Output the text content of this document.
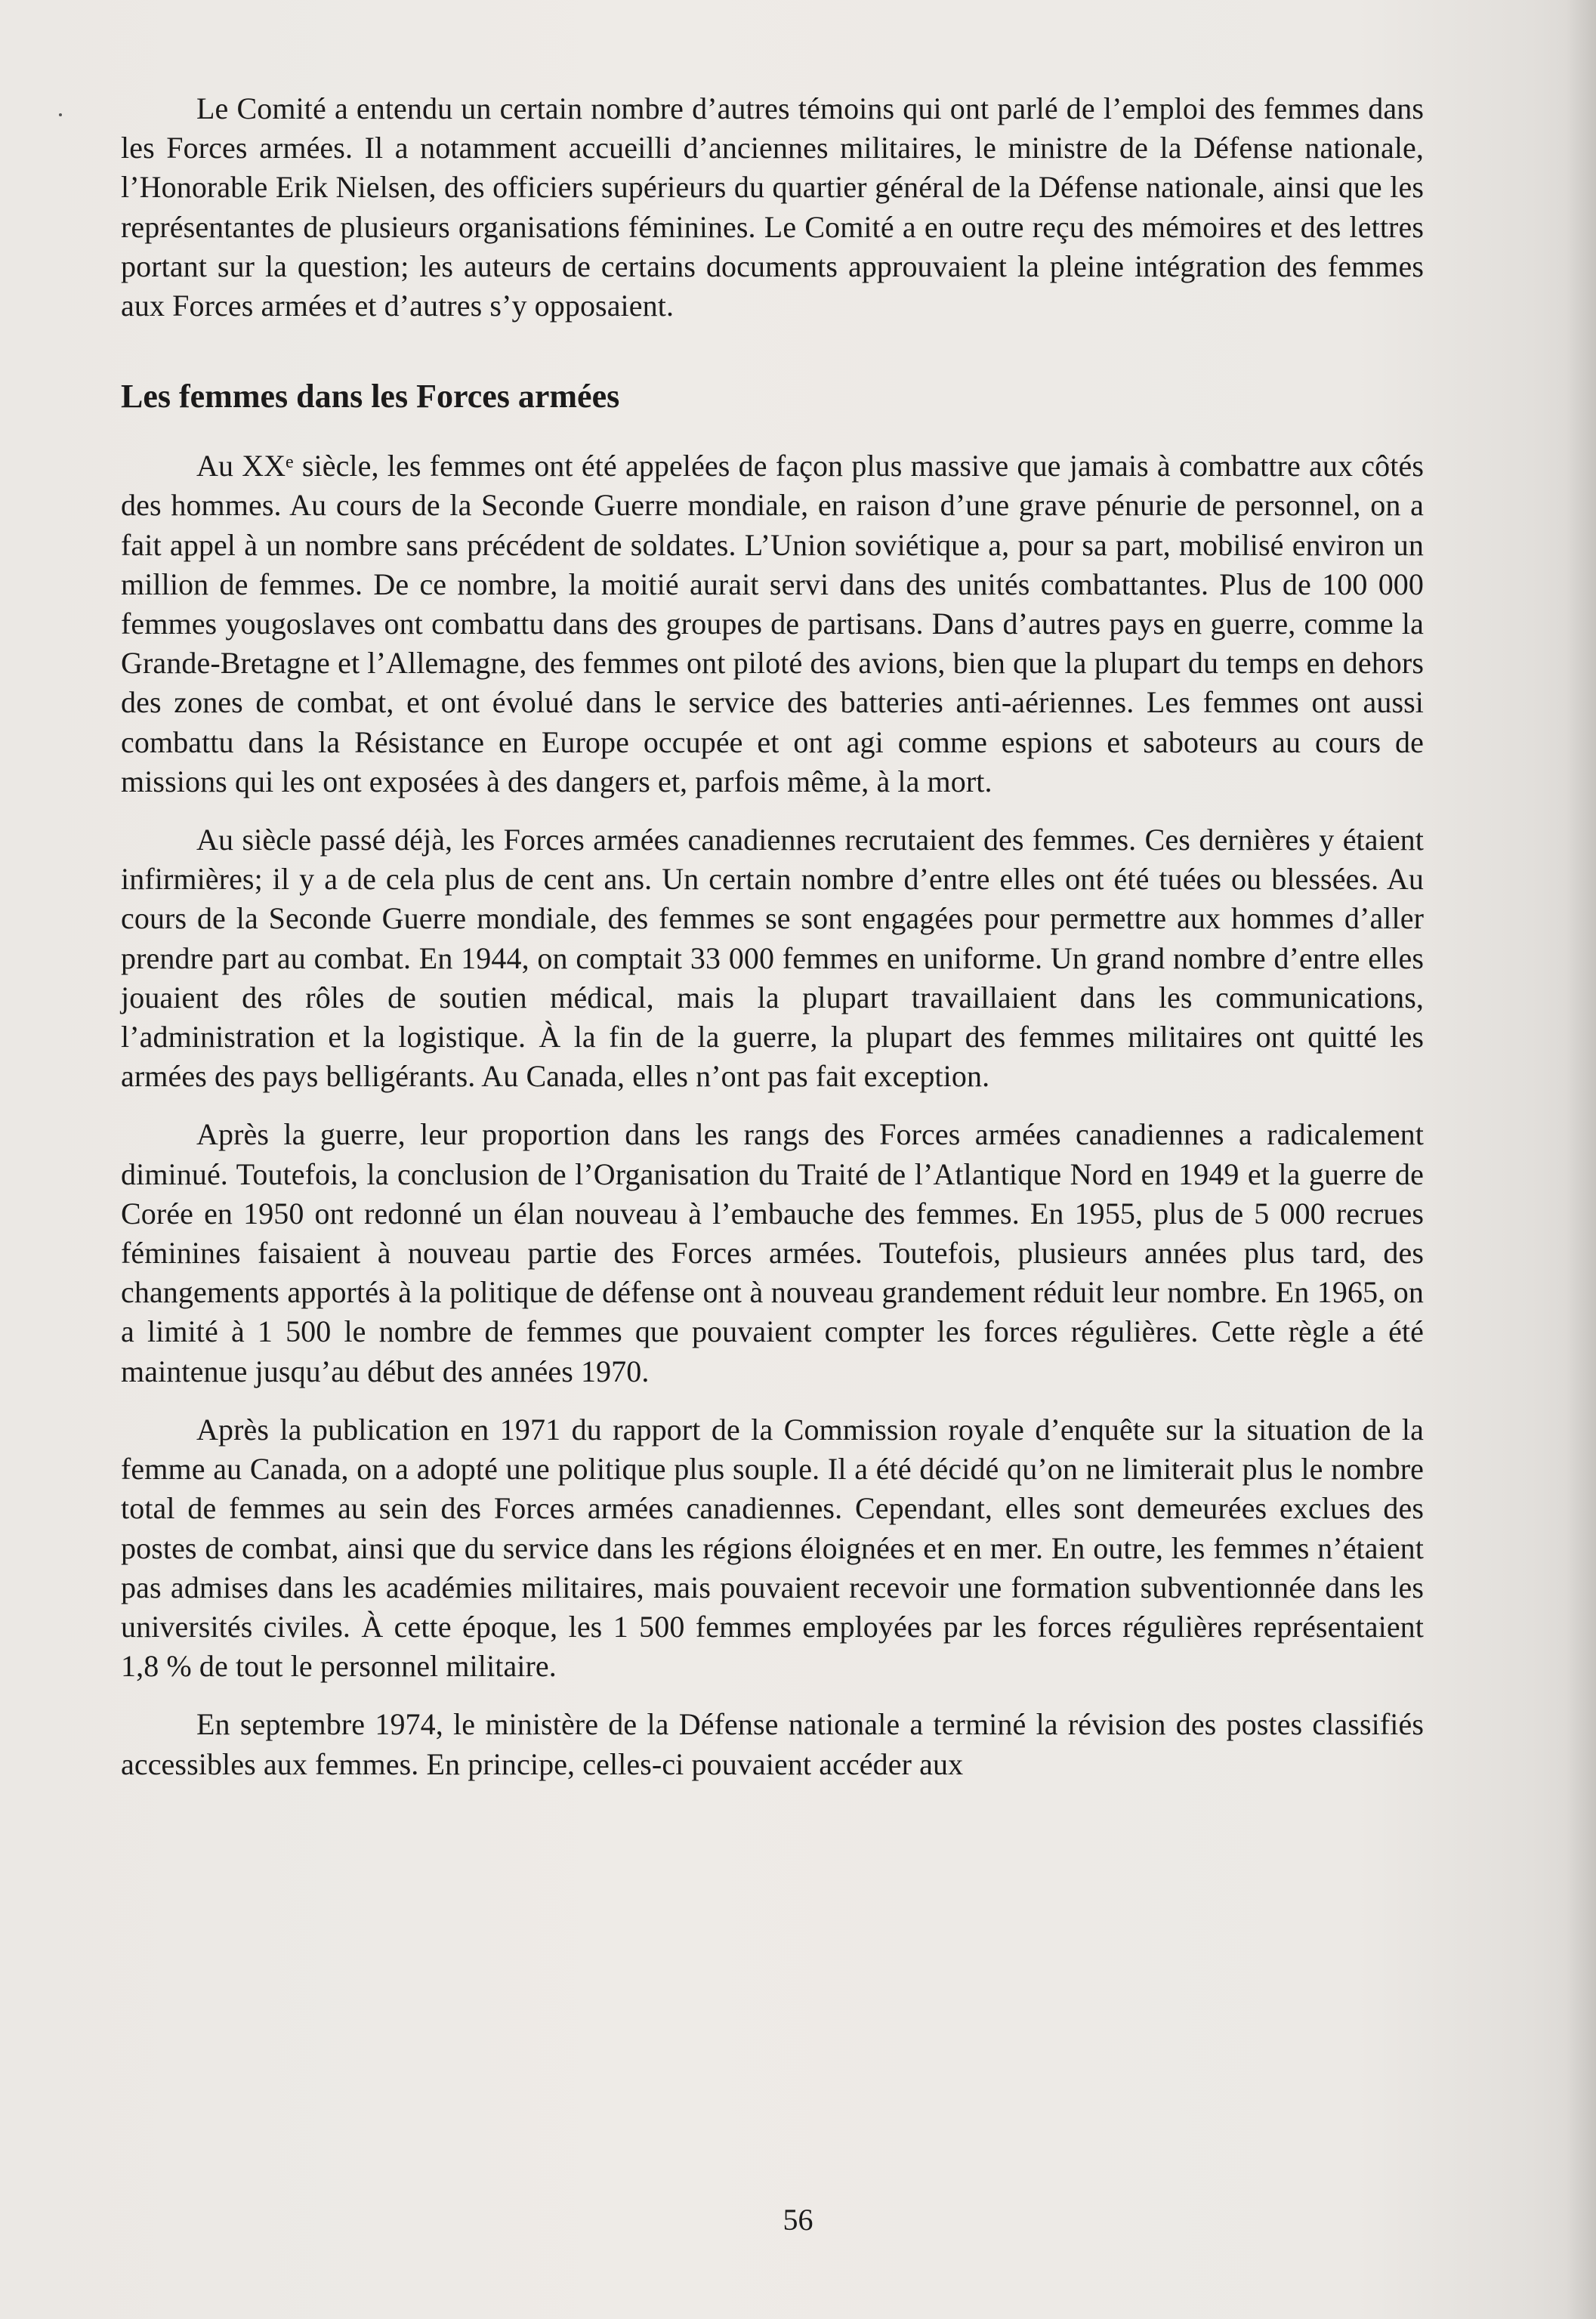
Le Comité a entendu un certain nombre d’autres témoins qui ont parlé de l’emploi des femmes dans les Forces armées. Il a notamment accueilli d’anciennes militaires, le ministre de la Défense nationale, l’Honorable Erik Nielsen, des officiers supérieurs du quartier général de la Défense nationale, ainsi que les représentantes de plusieurs organisations féminines. Le Comité a en outre reçu des mémoires et des lettres portant sur la question; les auteurs de certains documents approuvaient la pleine intégration des femmes aux Forces armées et d’autres s’y opposaient.

Les femmes dans les Forces armées

Au XXᵉ siècle, les femmes ont été appelées de façon plus massive que jamais à combattre aux côtés des hommes. Au cours de la Seconde Guerre mondiale, en raison d’une grave pénurie de personnel, on a fait appel à un nombre sans précédent de soldates. L’Union soviétique a, pour sa part, mobilisé environ un million de femmes. De ce nombre, la moitié aurait servi dans des unités combattantes. Plus de 100 000 femmes yougoslaves ont combattu dans des groupes de partisans. Dans d’autres pays en guerre, comme la Grande-Bretagne et l’Allemagne, des femmes ont piloté des avions, bien que la plupart du temps en dehors des zones de combat, et ont évolué dans le service des batteries anti-aériennes. Les femmes ont aussi combattu dans la Résistance en Europe occupée et ont agi comme espions et saboteurs au cours de missions qui les ont exposées à des dangers et, parfois même, à la mort.

Au siècle passé déjà, les Forces armées canadiennes recrutaient des femmes. Ces dernières y étaient infirmières; il y a de cela plus de cent ans. Un certain nombre d’entre elles ont été tuées ou blessées. Au cours de la Seconde Guerre mondiale, des femmes se sont engagées pour permettre aux hommes d’aller prendre part au combat. En 1944, on comptait 33 000 femmes en uniforme. Un grand nombre d’entre elles jouaient des rôles de soutien médical, mais la plupart travaillaient dans les communications, l’administration et la logistique. À la fin de la guerre, la plupart des femmes militaires ont quitté les armées des pays belligérants. Au Canada, elles n’ont pas fait exception.

Après la guerre, leur proportion dans les rangs des Forces armées canadiennes a radicalement diminué. Toutefois, la conclusion de l’Organisation du Traité de l’Atlantique Nord en 1949 et la guerre de Corée en 1950 ont redonné un élan nouveau à l’embauche des femmes. En 1955, plus de 5 000 recrues féminines faisaient à nouveau partie des Forces armées. Toutefois, plusieurs années plus tard, des changements apportés à la politique de défense ont à nouveau grandement réduit leur nombre. En 1965, on a limité à 1 500 le nombre de femmes que pouvaient compter les forces régulières. Cette règle a été maintenue jusqu’au début des années 1970.

Après la publication en 1971 du rapport de la Commission royale d’enquête sur la situation de la femme au Canada, on a adopté une politique plus souple. Il a été décidé qu’on ne limiterait plus le nombre total de femmes au sein des Forces armées canadiennes. Cependant, elles sont demeurées exclues des postes de combat, ainsi que du service dans les régions éloignées et en mer. En outre, les femmes n’étaient pas admises dans les académies militaires, mais pouvaient recevoir une formation subventionnée dans les universités civiles. À cette époque, les 1 500 femmes employées par les forces régulières représentaient 1,8 % de tout le personnel militaire.

En septembre 1974, le ministère de la Défense nationale a terminé la révision des postes classifiés accessibles aux femmes. En principe, celles-ci pouvaient accéder aux

56
